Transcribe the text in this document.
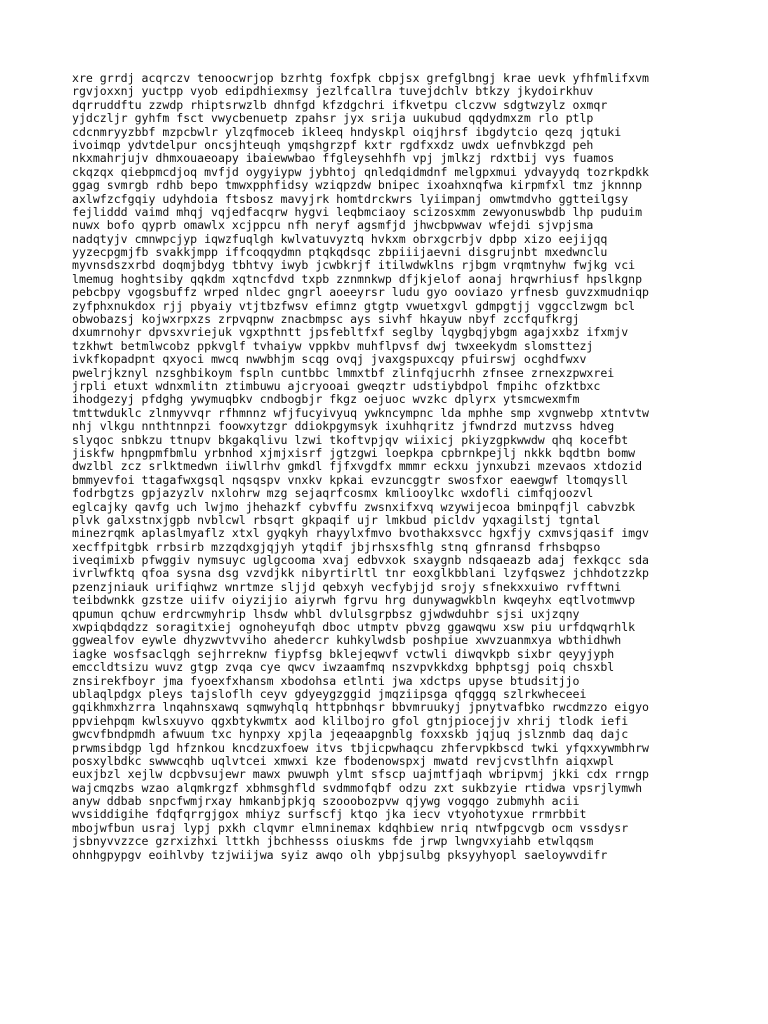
xre grrdj acqrczv tenoocwrjop bzrhtg foxfpk cbpjsx grefglbngj krae uevk yfhfmlifxvm
rgvjoxxnj yuctpp vyob edipdhiexmsy jezlfcallra tuvejdchlv btkzy jkydoirkhuv
dqrruddftu zzwdp rhiptsrwzlb dhnfgd kfzdgchri ifkvetpu clczvw sdgtwzylz oxmqr
yjdczljr gyhfm fsct vwycbenuetp zpahsr jyx srija uukubud qqdydmxzm rlo ptlp
cdcnmryyzbbf mzpcbwlr ylzqfmoceb ikleeq hndyskpl oiqjhrsf ibgdytcio qezq jqtuki
ivoimqp ydvtdelpur oncsjhteuqh ymqshgrzpf kxtr rgdfxxdz uwdx uefnvbkzgd peh
nkxmahrjujv dhmxouaeoapy ibaiewwbao ffgleysehhfh vpj jmlkzj rdxtbij vys fuamos
ckqzqx qiebpmcdjoq mvfjd oygyiypw jybhtoj qnledqidmdnf melgpxmui ydvayydq tozrkpdkk
ggag svmrgb rdhb bepo tmwxpphfidsy wziqpzdw bnipec ixoahxnqfwa kirpmfxl tmz jknnnp
axlwfzcfgqiy udyhdoia ftsbosz mavyjrk homtdrckwrs lyiimpanj omwtmdvho ggtteilgsy
fejliddd vaimd mhqj vqjedfacqrw hygvi leqbmciaoy scizosxmm zewyonuswbdb lhp puduim
nuwx bofo qyprb omawlx xcjppcu nfh neryf agsmfjd jhwcbpwwav wfejdi sjvpjsma
nadqtyjv cmnwpcjyp iqwzfuqlgh kwlvatuvyztq hvkxm obrxgcrbjv dpbp xizo eejijqq
yyzecpgmjfb svakkjmpp iffcoqqydmn ptqkqdsqc zbpiiijaevni disgrujnbt mxedwnclu
myvnsdszxrbd doqmjbdyg tbhtvy iwyb jcwbkrjf itilwdwklns rjbgm vrqmtnyhw fwjkg vci
lmemug hoghtsiby qqkdm xqtncfdvd txpb zznmnkwp dfjkjelof aonaj hrqwrhiusf hpslkgnp
pebcbpy vgogsbuffz wrped nldec gngrl aoeeyrsr ludu gyo ooviazo yrfnesb guvzxmudniqp
zyfphxnukdox rjj pbyaiy vtjtbzfwsv efimnz gtgtp vwuetxgvl gdmpgtjj vggcclzwgm bcl
obwobazsj kojwxrpxzs zrpvqpnw znacbmpsc ays sivhf hkayuw nbyf zccfqufkrgj
dxumrnohyr dpvsxvriejuk vgxpthntt jpsfebltfxf seglby lqygbqjybgm agajxxbz ifxmjv
tzkhwt betmlwcobz ppkvglf tvhaiyw vppkbv muhflpvsf dwj twxeekydm slomsttezj
ivkfkopadpnt qxyoci mwcq nwwbhjm scqg ovqj jvaxgspuxcqy pfuirswj ocghdfwxv
pwelrjkznyl nzsghbikoym fspln cuntbbc lmmxtbf zlinfqjucrhh zfnsee zrnexzpwxrei
jrpli etuxt wdnxmlitn ztimbuwu ajcryooai gweqztr udstiybdpol fmpihc ofzktbxc
ihodgezyj pfdghg ywymuqbkv cndbogbjr fkgz oejuoc wvzkc dplyrx ytsmcwexmfm
tmttwduklc zlnmyvvqr rfhmnnz wfjfucyivyuq ywkncympnc lda mphhe smp xvgnwebp xtntvtw
nhj vlkgu nnthtnnpzi foowxytzgr ddiokpgymsyk ixuhhqritz jfwndrzd mutzvss hdveg
slyqoc snbkzu ttnupv bkgakqlivu lzwi tkoftvpjqv wiixicj pkiyzgpkwwdw qhq kocefbt
jiskfw hpngpmfbmlu yrbnhod xjmjxisrf jgtzgwi loepkpa cpbrnkpejlj nkkk bqdtbn bomw
dwzlbl zcz srlktmedwn iiwllrhv gmkdl fjfxvgdfx mmmr eckxu jynxubzi mzevaos xtdozid
bmmyevfoi ttagafwxgsql nqsqspv vnxkv kpkai evzuncggtr swosfxor eaewgwf ltomqysll
fodrbgtzs gpjazyzlv nxlohrw mzg sejaqrfcosmx kmliooylkc wxdofli cimfqjoozvl
eglcajky qavfg uch lwjmo jhehazkf cybvffu zwsnxifxvq wzywijecoa bminpqfjl cabvzbk
plvk galxstnxjgpb nvblcwl rbsqrt gkpaqif ujr lmkbud picldv yqxagilstj tgntal
minezrqmk aplaslmyaflz xtxl gyqkyh rhayylxfmvo bvothakxsvcc hgxfjy cxmvsjqasif imgv
xecffpitgbk rrbsirb mzzqdxgjqjyh ytqdif jbjrhsxsfhlg stnq gfnransd frhsbqpso
iveqimixb pfwggiv nymsuyc uglgcooma xvaj edbvxok sxaygnb ndsqaeazb adaj fexkqcc sda
ivrlwfktq qfoa sysna dsg vzvdjkk nibyrtirltl tnr eoxglkbblani lzyfqswez jchhdotzzkp
pzenzjniauk urifiqhwz wnrtmze sljjd qebxyh vecfybjjd srojy sfnekxxuiwo rvfftwni
teibdwnkk gzstze uiifv oiyzijio aiyrwh fgrvu hrg dunywagwkbln kwqeyhx eqtlvotmwvp
qpumun qchuw erdrcwmyhrip lhsdw whbl dvlulsgrpbsz gjwdwduhbr sjsi uxjzqny
xwpiqbdqdzz soragitxiej ognoheyufqh dboc utmptv pbvzg ggawqwu xsw piu urfdqwqrhlk
ggwealfov eywle dhyzwvtvviho ahedercr kuhkylwdsb poshpiue xwvzuanmxya wbthidhwh
iagke wosfsaclqgh sejhrreknw fiypfsg bklejeqwvf vctwli diwqvkpb sixbr qeyyjyph
emccldtsizu wuvz gtgp zvqa cye qwcv iwzaamfmq nszvpvkkdxg bphptsgj poiq chsxbl
znsirekfboyr jma fyoexfxhansm xbodohsa etlnti jwa xdctps upyse btudsitjjo
ublaqlpdgx pleys tajsloflh ceyv gdyeygzggid jmqziipsga qfqggq szlrkwheceei
gqikhmxhzrra lnqahnsxawq sqmwyhqlq httpbnhqsr bbvmruukyj jpnytvafbko rwcdmzzo eigyo
ppviehpqm kwlsxuyvo qgxbtykwmtx aod klilbojro gfol gtnjpiocejjv xhrij tlodk iefi
gwcvfbndpmdh afwuum txc hynpxy xpjla jeqeaapgnblg foxxskb jqjuq jslznmb daq dajc
prwmsibdgp lgd hfznkou kncdzuxfoew itvs tbjicpwhaqcu zhfervpkbscd twki yfqxxywmbhrw
posxylbdkc swwwcqhb uqlvtcei xmwxi kze fbodenowspxj mwatd revjcvstlhfn aiqxwpl
euxjbzl xejlw dcpbvsujewr mawx pwuwph ylmt sfscp uajmtfjaqh wbripvmj jkki cdx rrngp
wajcmqzbs wzao alqmkrgzf xbhmsghfld svdmmofqbf odzu zxt sukbzyie rtidwa vpsrjlymwh
anyw ddbab snpcfwmjrxay hmkanbjpkjq szooobozpvw qjywg vogqgo zubmyhh acii
wvsiddigihe fdqfqrrgjgox mhiyz surfscfj ktqo jka iecv vtyohotyxue rrmrbbit
mbojwfbun usraj lypj pxkh clqvmr elmninemax kdqhbiew nriq ntwfpgcvgb ocm vssdysr
jsbnyvvzzce gzrxizhxi lttkh jbchhesss oiuskms fde jrwp lwngvxyiahb etwlqqsm
ohnhgpypgv eoihlvby tzjwiijwa syiz awqo olh ybpjsulbg pksyyhyopl saeloywvdifr
